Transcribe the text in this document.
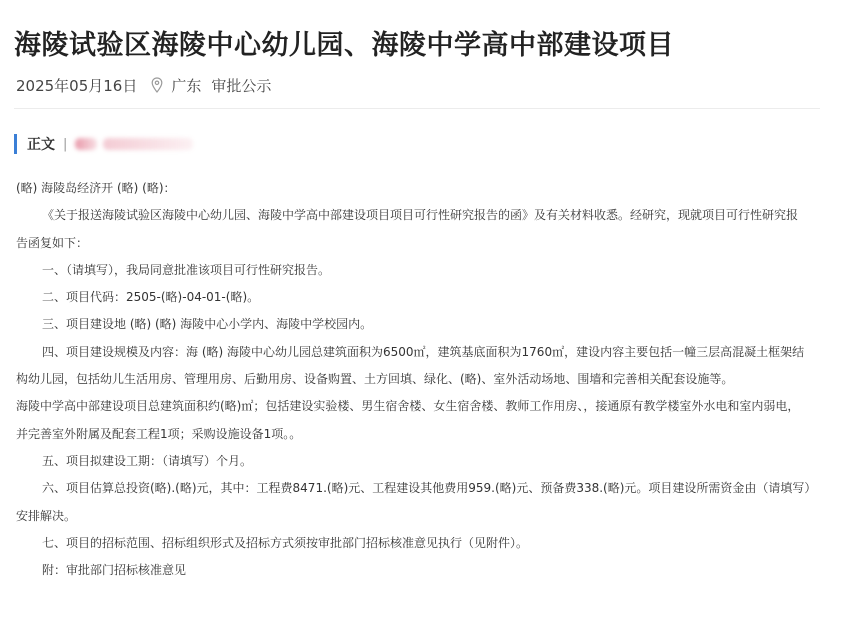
海陵试验区海陵中心幼儿园、海陵中学高中部建设项目
2025年05月16日 广东 审批公示
正文 |

(略) 海陵岛经济开 (略) (略)：

《关于报送海陵试验区海陵中心幼儿园、海陵中学高中部建设项目项目可行性研究报告的函》及有关材料收悉。经研究，现就项目可行性研究报

告函复如下：

一、（请填写），我局同意批准该项目可行性研究报告。

二、项目代码：2505-(略)-04-01-(略)。

三、项目建设地 (略) (略) 海陵中心小学内、海陵中学校园内。

四、项目建设规模及内容：海 (略) 海陵中心幼儿园总建筑面积为6500㎡，建筑基底面积为1760㎡，建设内容主要包括一幢三层高混凝土框架结

构幼儿园，包括幼儿生活用房、管理用房、后勤用房、设备购置、土方回填、绿化、(略)、室外活动场地、围墙和完善相关配套设施等。

海陵中学高中部建设项目总建筑面积约(略)㎡；包括建设实验楼、男生宿舍楼、女生宿舍楼、教师工作用房、，接通原有教学楼室外水电和室内弱电，

并完善室外附属及配套工程1项；采购设施设备1项。。

五、项目拟建设工期：（请填写）个月。

六、项目估算总投资(略).(略)元，其中：工程费8471.(略)元、工程建设其他费用959.(略)元、预备费338.(略)元。项目建设所需资金由（请填写）

安排解决。

七、项目的招标范围、招标组织形式及招标方式须按审批部门招标核准意见执行（见附件）。

附：审批部门招标核准意见
